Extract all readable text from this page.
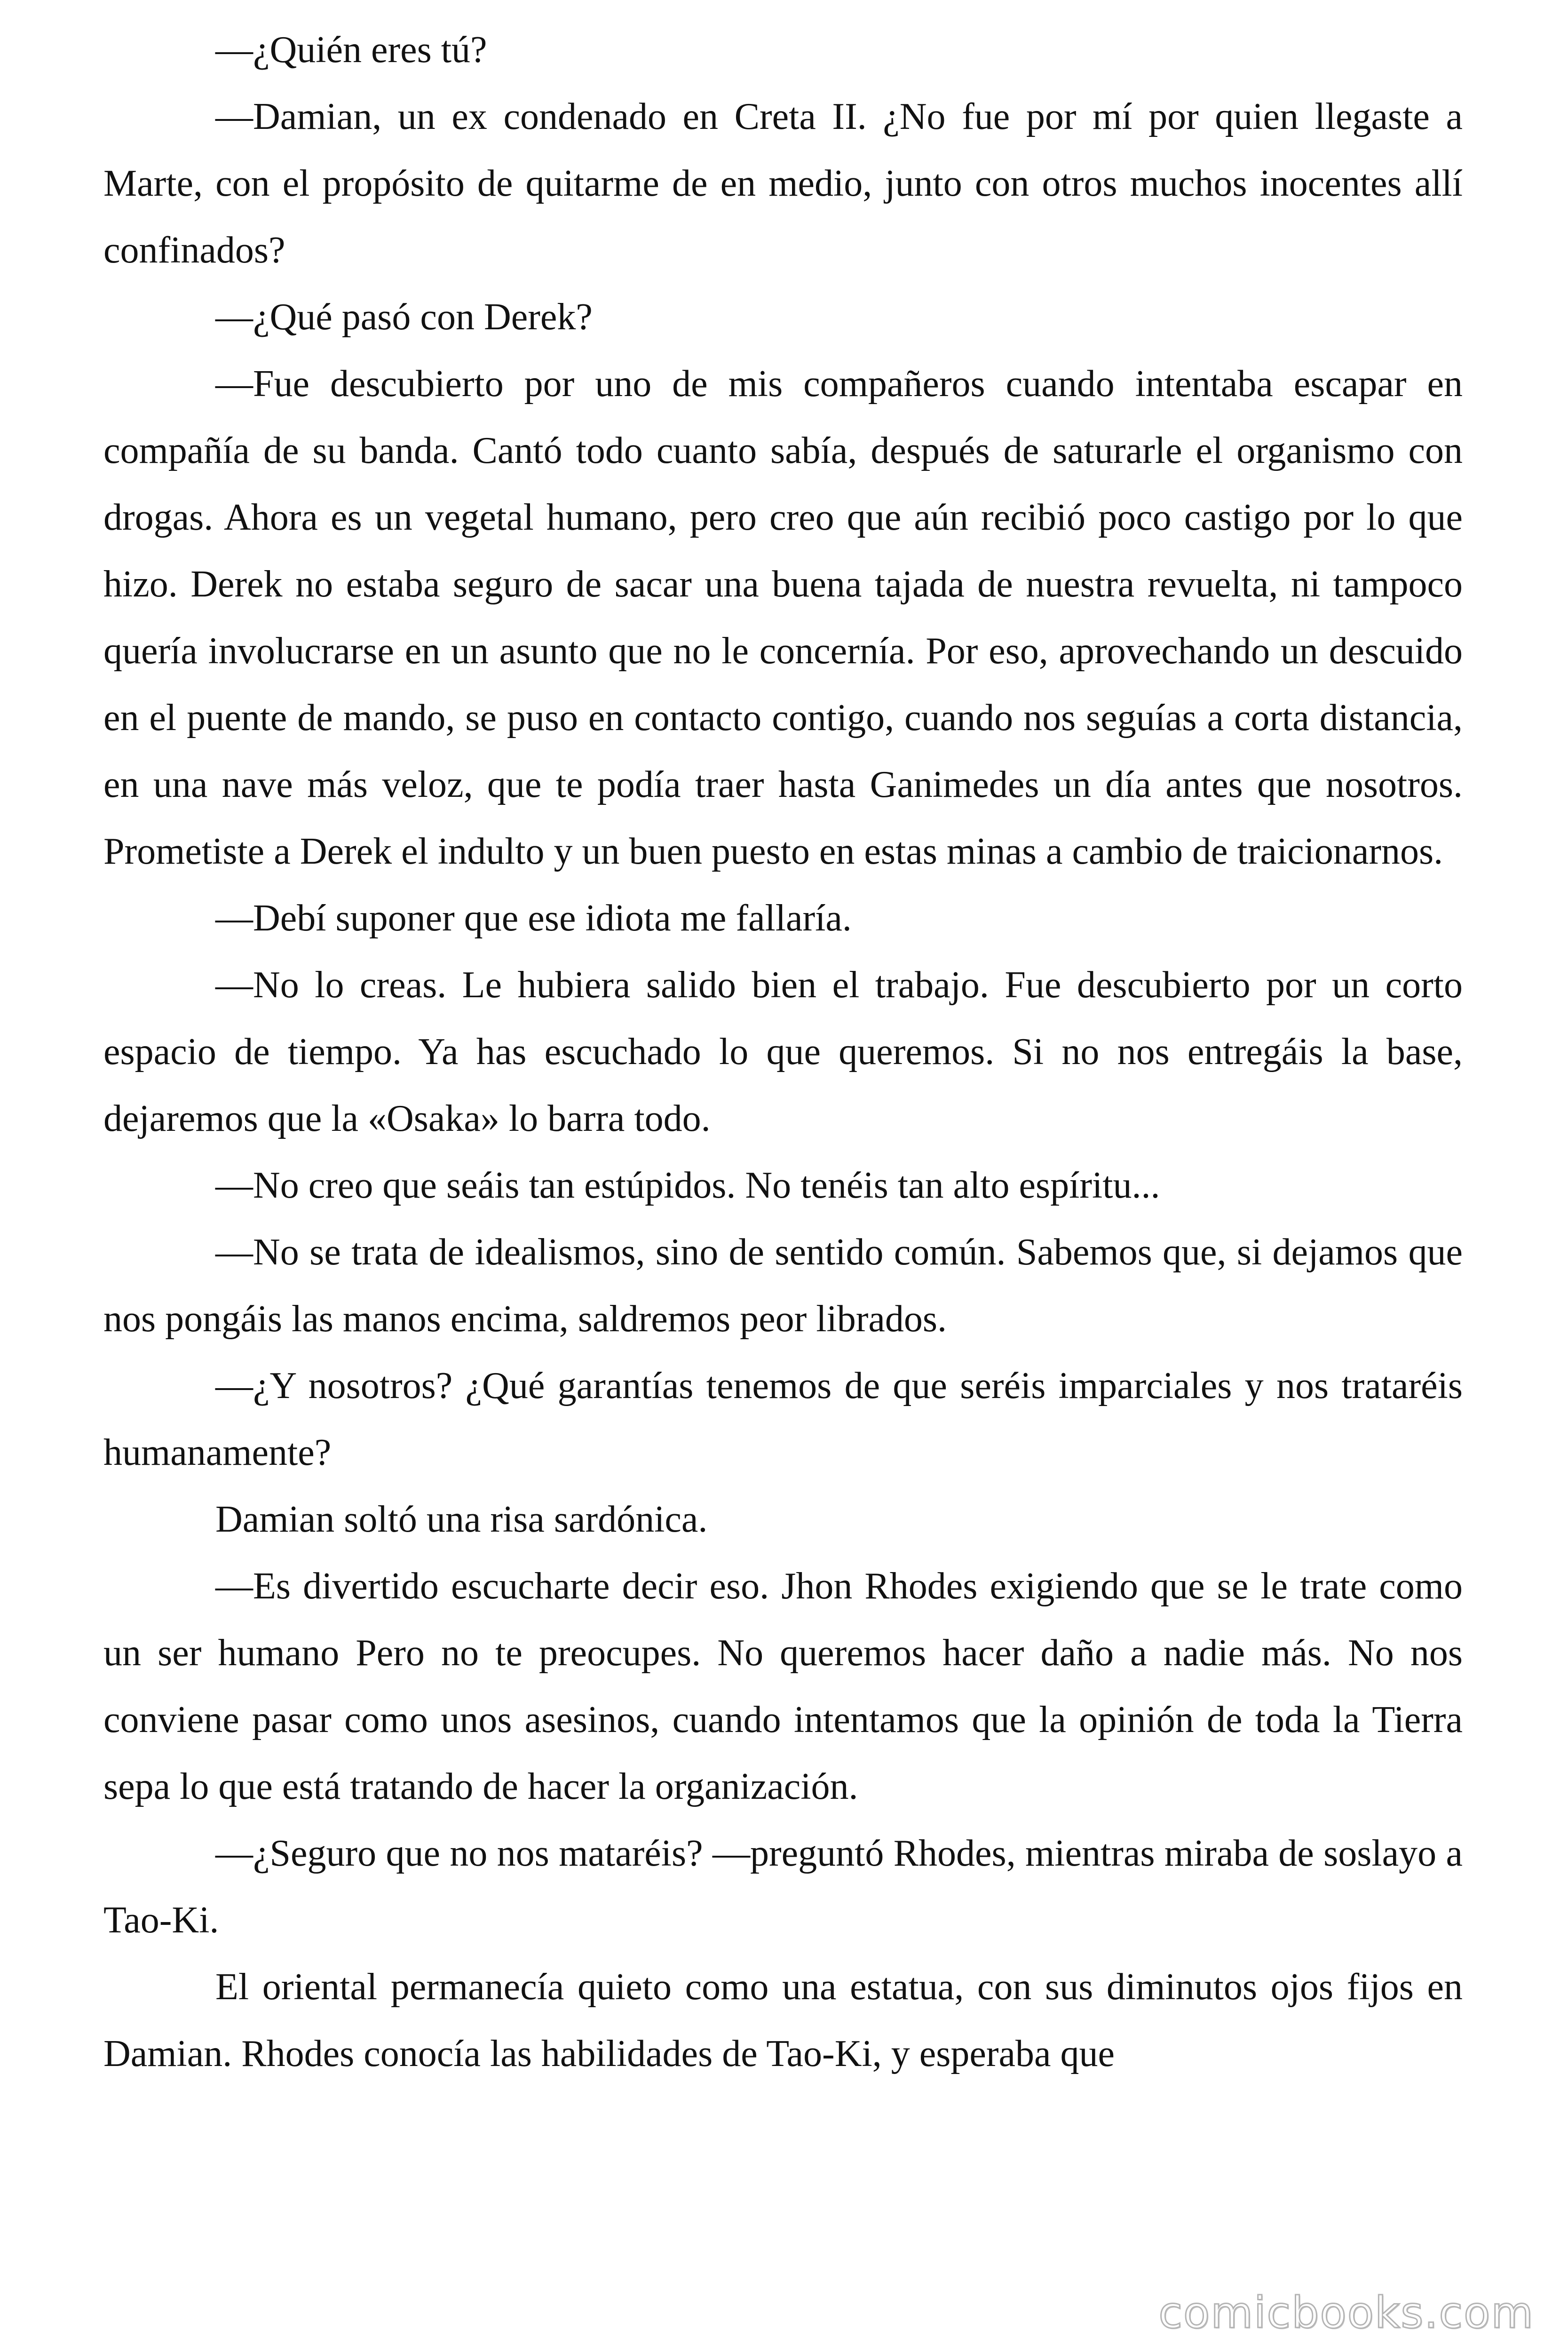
—¿Quién eres tú?

—Damian, un ex condenado en Creta II. ¿No fue por mí por quien llegaste a Marte, con el propósito de quitarme de en medio, junto con otros muchos inocentes allí confinados?

—¿Qué pasó con Derek?

—Fue descubierto por uno de mis compañeros cuando intentaba escapar en compañía de su banda. Cantó todo cuanto sabía, después de saturarle el organismo con drogas. Ahora es un vegetal humano, pero creo que aún recibió poco castigo por lo que hizo. Derek no estaba seguro de sacar una buena tajada de nuestra revuelta, ni tampoco quería involucrarse en un asunto que no le concernía. Por eso, aprovechando un descuido en el puente de mando, se puso en contacto contigo, cuando nos seguías a corta distancia, en una nave más veloz, que te podía traer hasta Ganimedes un día antes que nosotros. Prometiste a Derek el indulto y un buen puesto en estas minas a cambio de traicionarnos.

—Debí suponer que ese idiota me fallaría.

—No lo creas. Le hubiera salido bien el trabajo. Fue descubierto por un corto espacio de tiempo. Ya has escuchado lo que queremos. Si no nos entregáis la base, dejaremos que la «Osaka» lo barra todo.

—No creo que seáis tan estúpidos. No tenéis tan alto espíritu...

—No se trata de idealismos, sino de sentido común. Sabemos que, si dejamos que nos pongáis las manos encima, saldremos peor librados.

—¿Y nosotros? ¿Qué garantías tenemos de que seréis imparciales y nos trataréis humanamente?

Damian soltó una risa sardónica.

—Es divertido escucharte decir eso. Jhon Rhodes exigiendo que se le trate como un ser humano Pero no te preocupes. No queremos hacer daño a nadie más. No nos conviene pasar como unos asesinos, cuando intentamos que la opinión de toda la Tierra sepa lo que está tratando de hacer la organización.

—¿Seguro que no nos mataréis? —preguntó Rhodes, mientras miraba de soslayo a Tao-Ki.

El oriental permanecía quieto como una estatua, con sus diminutos ojos fijos en Damian. Rhodes conocía las habilidades de Tao-Ki, y esperaba que

comicbooks.com
